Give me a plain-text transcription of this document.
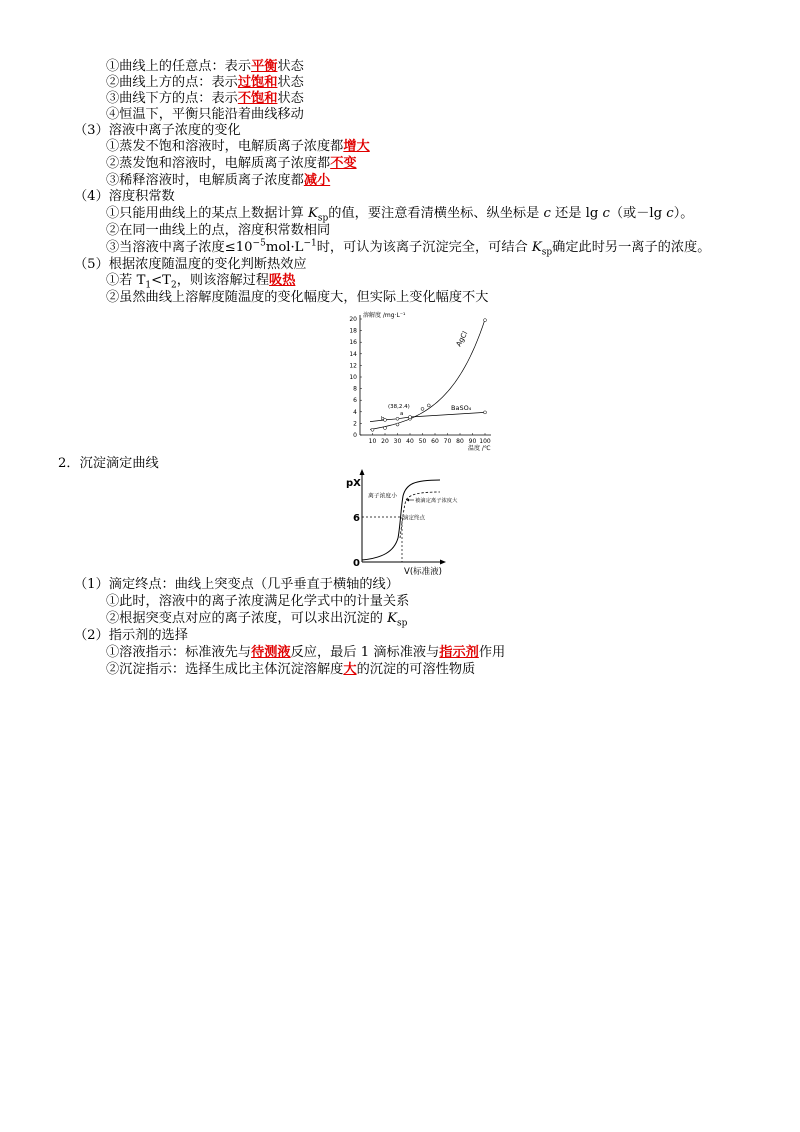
①曲线上的任意点：表示平衡状态
②曲线上方的点：表示过饱和状态
③曲线下方的点：表示不饱和状态
④恒温下，平衡只能沿着曲线移动
（3）溶液中离子浓度的变化
①蒸发不饱和溶液时，电解质离子浓度都增大
②蒸发饱和溶液时，电解质离子浓度都不变
③稀释溶液时，电解质离子浓度都减小
（4）溶度积常数
①只能用曲线上的某点上数据计算 $K_{sp}$的值，要注意看清横坐标、纵坐标是 c 还是 lg c（或－lg c）。
②在同一曲线上的点，溶度积常数相同
③当溶液中离子浓度$\le 10^{-5}mol\cdot L^{-1}$时，可认为该离子沉淀完全，可结合 $K_{sp}$确定此时另一离子的浓度。
（5）根据浓度随温度的变化判断热效应
①若 $T_1<T_2$，则该溶解过程吸热
②虽然曲线上溶解度随温度的变化幅度大，但实际上变化幅度不大
0
2
4
6
8
10
12
14
16
18
20
10 20 30 40 50 60 70 80 90 100
溶解度 /mg·L⁻¹
温度 /℃
AgCl
BaSO₄
(38,2.4)
a
b
2．沉淀滴定曲线
pX
0
6
离子浓度小
被滴定离子浓度大
滴定终点
V(标准液)
（1）滴定终点：曲线上突变点（几乎垂直于横轴的线）
①此时，溶液中的离子浓度满足化学式中的计量关系
②根据突变点对应的离子浓度，可以求出沉淀的 $K_{sp}$
（2）指示剂的选择
①溶液指示：标准液先与待测液反应，最后 1 滴标准液与指示剂作用
②沉淀指示：选择生成比主体沉淀溶解度大的沉淀的可溶性物质
